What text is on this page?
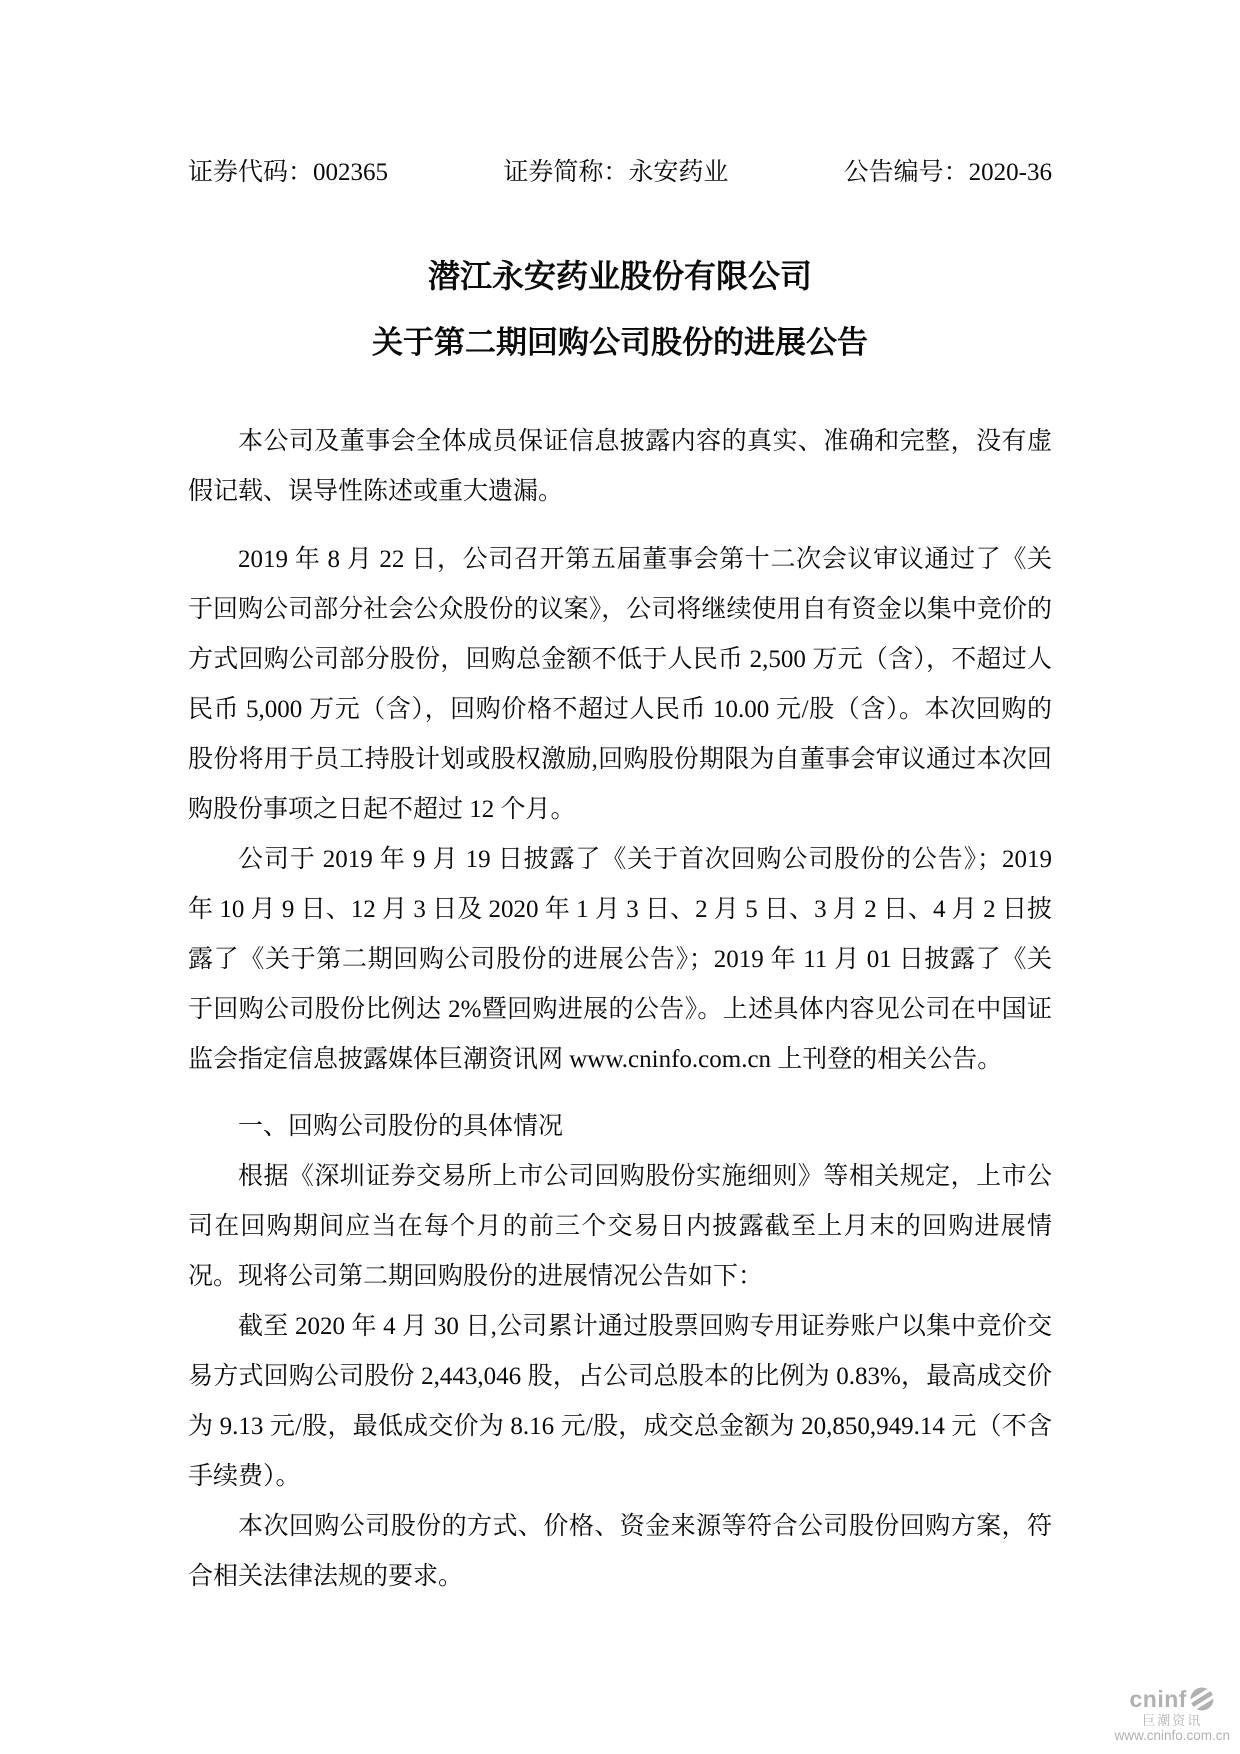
证券代码：002365	证券简称：永安药业	公告编号：2020-36
潜江永安药业股份有限公司
关于第二期回购公司股份的进展公告

本公司及董事会全体成员保证信息披露内容的真实、准确和完整，没有虚假记载、误导性陈述或重大遗漏。

2019 年 8 月 22 日，公司召开第五届董事会第十二次会议审议通过了《关于回购公司部分社会公众股份的议案》，公司将继续使用自有资金以集中竞价的方式回购公司部分股份，回购总金额不低于人民币 2,500 万元（含），不超过人民币 5,000 万元（含），回购价格不超过人民币 10.00 元/股（含）。本次回购的股份将用于员工持股计划或股权激励,回购股份期限为自董事会审议通过本次回购股份事项之日起不超过 12 个月。

公司于 2019 年 9 月 19 日披露了《关于首次回购公司股份的公告》；2019 年 10 月 9 日、12 月 3 日及 2020 年 1 月 3 日、2 月 5 日、3 月 2 日、4 月 2 日披露了《关于第二期回购公司股份的进展公告》；2019 年 11 月 01 日披露了《关于回购公司股份比例达 2%暨回购进展的公告》。上述具体内容见公司在中国证监会指定信息披露媒体巨潮资讯网 www.cninfo.com.cn 上刊登的相关公告。

一、回购公司股份的具体情况

根据《深圳证券交易所上市公司回购股份实施细则》等相关规定，上市公司在回购期间应当在每个月的前三个交易日内披露截至上月末的回购进展情况。现将公司第二期回购股份的进展情况公告如下：

截至 2020 年 4 月 30 日,公司累计通过股票回购专用证券账户以集中竞价交易方式回购公司股份 2,443,046 股，占公司总股本的比例为 0.83%，最高成交价为 9.13 元/股，最低成交价为 8.16 元/股，成交总金额为 20,850,949.14 元（不含手续费）。

本次回购公司股份的方式、价格、资金来源等符合公司股份回购方案，符合相关法律法规的要求。

cninf
巨潮资讯
www.cninfo.com.cn
